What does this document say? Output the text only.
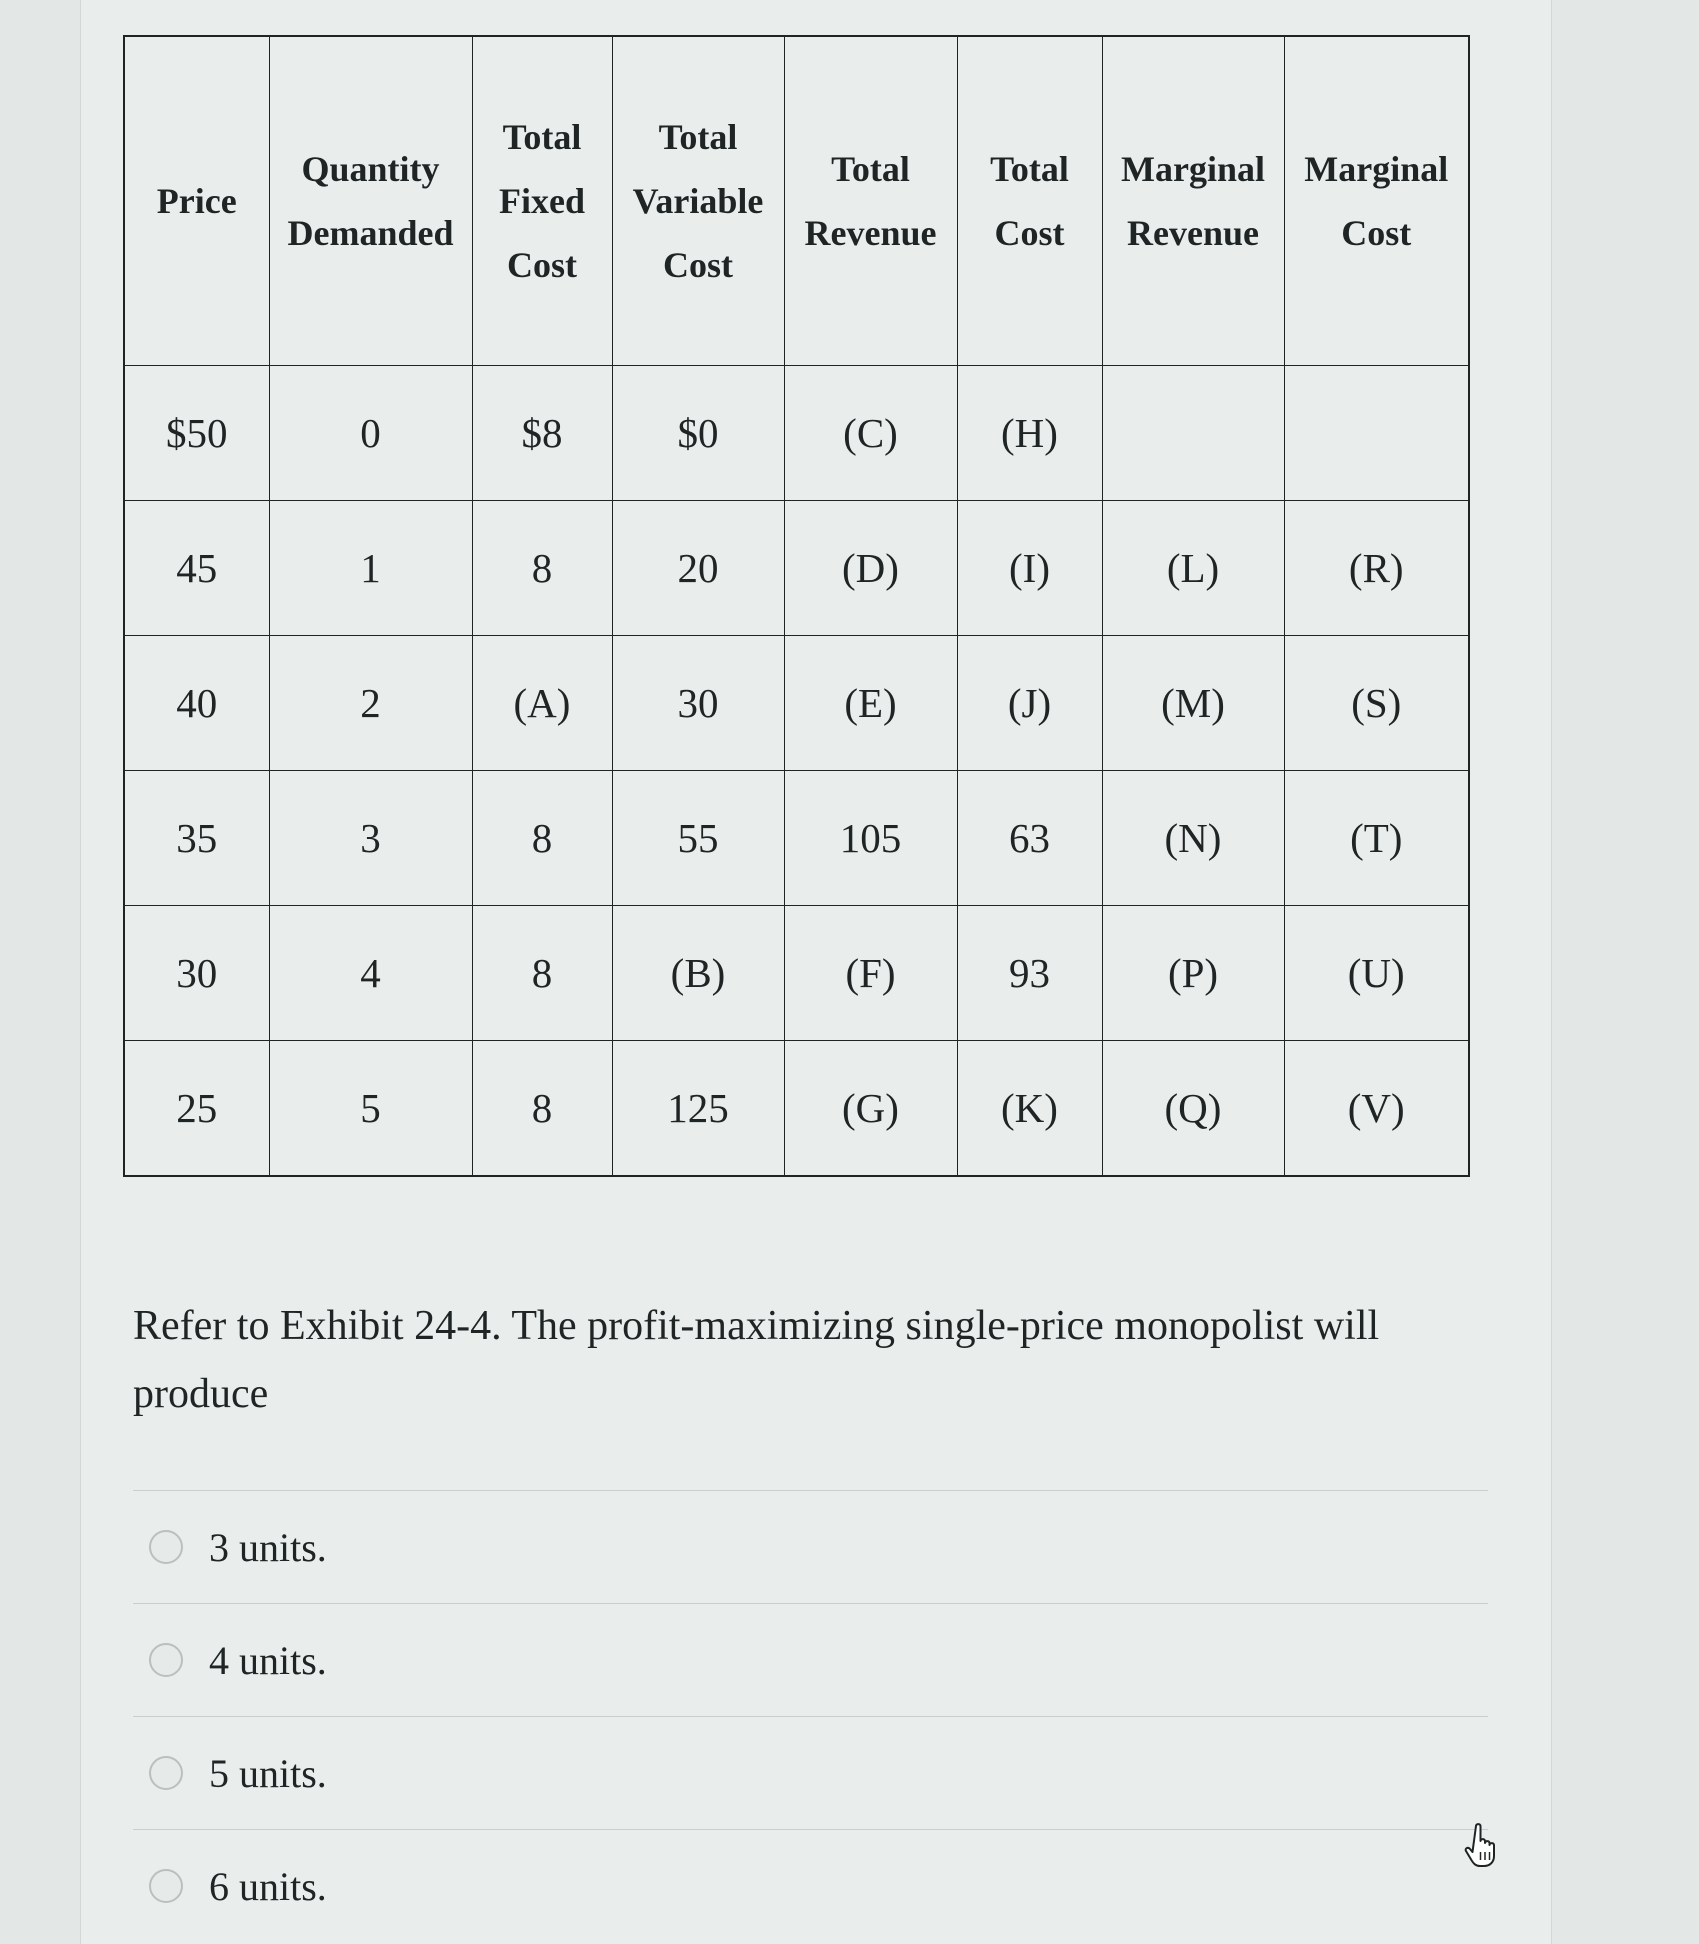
Price	Quantity Demanded	Total Fixed Cost	Total Variable Cost	Total Revenue	Total Cost	Marginal Revenue	Marginal Cost
$50	0	$8	$0	(C)	(H)		
45	1	8	20	(D)	(I)	(L)	(R)
40	2	(A)	30	(E)	(J)	(M)	(S)
35	3	8	55	105	63	(N)	(T)
30	4	8	(B)	(F)	93	(P)	(U)
25	5	8	125	(G)	(K)	(Q)	(V)
Refer to Exhibit 24-4. The profit-maximizing single-price monopolist will produce
3 units.
4 units.
5 units.
6 units.
